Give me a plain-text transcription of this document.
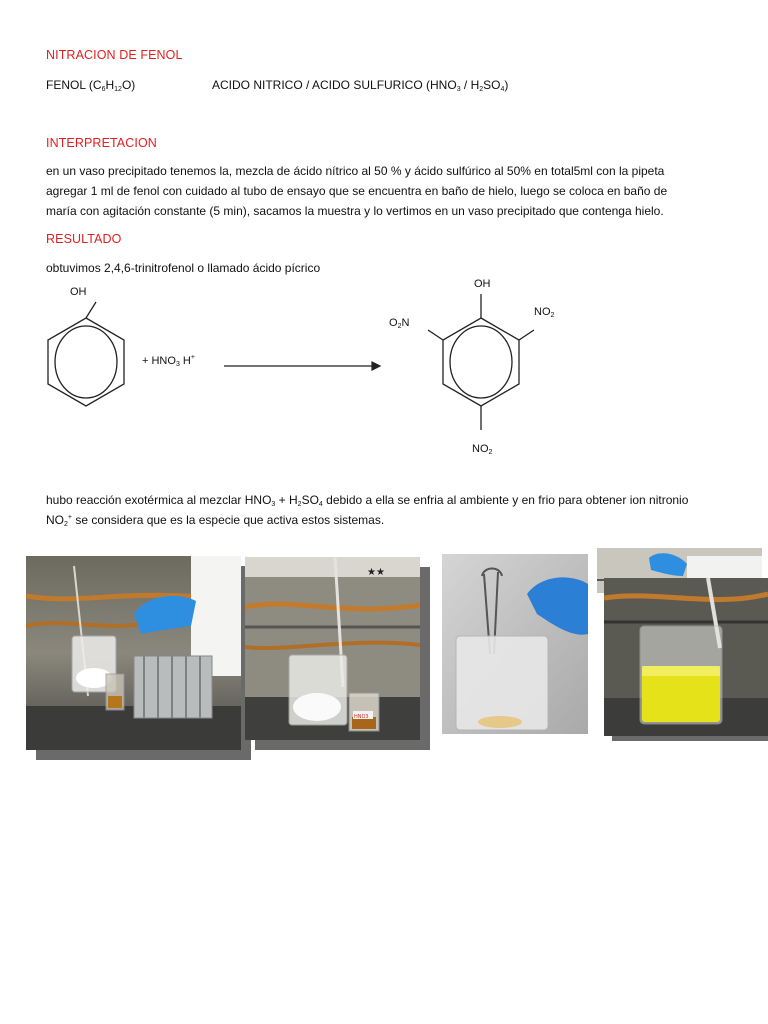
NITRACION DE FENOL
FENOL $(C_6H_{12}O)$	ACIDO NITRICO / ACIDO SULFURICO $(HNO_3 / H_2SO_4)$
INTERPRETACION
en un vaso precipitado tenemos la, mezcla de ácido nítrico al 50 % y ácido sulfúrico al 50% en total5ml con la pipeta
agregar 1 ml de fenol con cuidado al tubo de ensayo que se encuentra en baño de hielo, luego se coloca en baño de
maría con agitación constante (5 min), sacamos la muestra y lo vertimos en un vaso precipitado que contenga hielo.
RESULTADO
obtuvimos 2,4,6-trinitrofenol o llamado ácido pícrico
OH
+ $HNO_3$ H+
OH
$NO_2$
$O_2N$
$NO_2$
hubo reacción exotérmica al mezclar $HNO_3 + H_2SO_4$ debido a ella se enfria al ambiente y en frio para obtener ion nitronio
$NO_2^+$ se considera que es la especie que activa estos sistemas.
HNO3
★★
